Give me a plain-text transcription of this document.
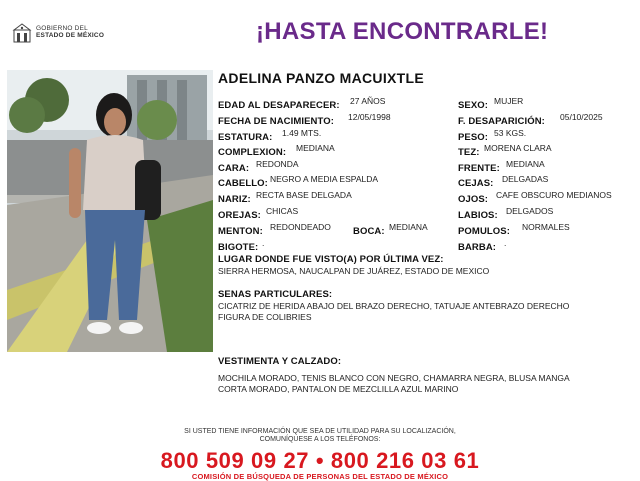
GOBIERNO DEL
ESTADO DE MÉXICO	¡HASTA ENCONTRARLE!
ADELINA PANZO MACUIXTLE
EDAD AL DESAPARECER: 27 AÑOS
FECHA DE NACIMIENTO: 12/05/1998
ESTATURA: 1.49 MTS.
COMPLEXION: MEDIANA
CARA: REDONDA
CABELLO: NEGRO A MEDIA ESPALDA
NARIZ: RECTA BASE DELGADA
OREJAS: CHICAS
MENTON: REDONDEADO BOCA: MEDIANA
BIGOTE: .
SEXO: MUJER
F. DESAPARICIÓN: 05/10/2025
PESO: 53 KGS.
TEZ: MORENA CLARA
FRENTE: MEDIANA
CEJAS: DELGADAS
OJOS: CAFE OBSCURO MEDIANOS
LABIOS: DELGADOS
POMULOS: NORMALES
BARBA: .
LUGAR DONDE FUE VISTO(A) POR ÚLTIMA VEZ:
SIERRA HERMOSA, NAUCALPAN DE JUÁREZ, ESTADO DE MEXICO
SENAS PARTICULARES:
CICATRIZ DE HERIDA ABAJO DEL BRAZO DERECHO, TATUAJE ANTEBRAZO DERECHO
FIGURA DE COLIBRIES
VESTIMENTA Y CALZADO:
MOCHILA MORADO, TENIS BLANCO CON NEGRO, CHAMARRA NEGRA, BLUSA MANGA
CORTA MORADO, PANTALON DE MEZCLILLA AZUL MARINO
SI USTED TIENE INFORMACIÓN QUE SEA DE UTILIDAD PARA SU LOCALIZACIÓN,
COMUNÍQUESE A LOS TELÉFONOS:
800 509 09 27 • 800 216 03 61
COMISIÓN DE BÚSQUEDA DE PERSONAS DEL ESTADO DE MÉXICO
